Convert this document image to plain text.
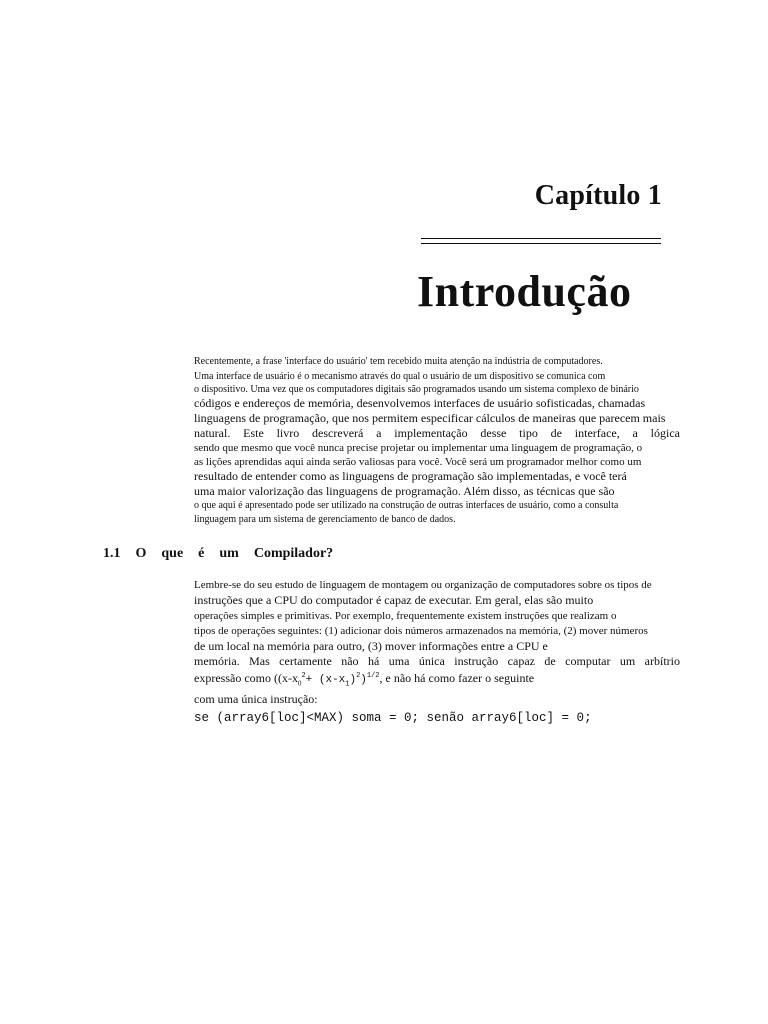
Capítulo 1
Introdução
Recentemente, a frase 'interface do usuário' tem recebido muita atenção na indústria de computadores.
Uma interface de usuário é o mecanismo através do qual o usuário de um dispositivo se comunica com
o dispositivo. Uma vez que os computadores digitais são programados usando um sistema complexo de binário
códigos e endereços de memória, desenvolvemos interfaces de usuário sofisticadas, chamadas
linguagens de programação, que nos permitem especificar cálculos de maneiras que parecem mais
natural. Este livro descreverá a implementação desse tipo de interface, a lógica
sendo que mesmo que você nunca precise projetar ou implementar uma linguagem de programação, o
as lições aprendidas aqui ainda serão valiosas para você. Você será um programador melhor como um
resultado de entender como as linguagens de programação são implementadas, e você terá
uma maior valorização das linguagens de programação. Além disso, as técnicas que são
o que aqui é apresentado pode ser utilizado na construção de outras interfaces de usuário, como a consulta
linguagem para um sistema de gerenciamento de banco de dados.
1.1  O  que  é  um  Compilador?
Lembre-se do seu estudo de linguagem de montagem ou organização de computadores sobre os tipos de
instruções que a CPU do computador é capaz de executar. Em geral, elas são muito
operações simples e primitivas. Por exemplo, frequentemente existem instruções que realizam o
tipos de operações seguintes: (1) adicionar dois números armazenados na memória, (2) mover números
de um local na memória para outro, (3) mover informações entre a CPU e
memória. Mas certamente não há uma única instrução capaz de computar um arbítrio
expressão como ($(x-x_0^2+ (x-x_1)^2)^{1/2}$, e não há como fazer o seguinte
com uma única instrução:
se (array6[loc]<MAX) soma = 0; senão array6[loc] = 0;
